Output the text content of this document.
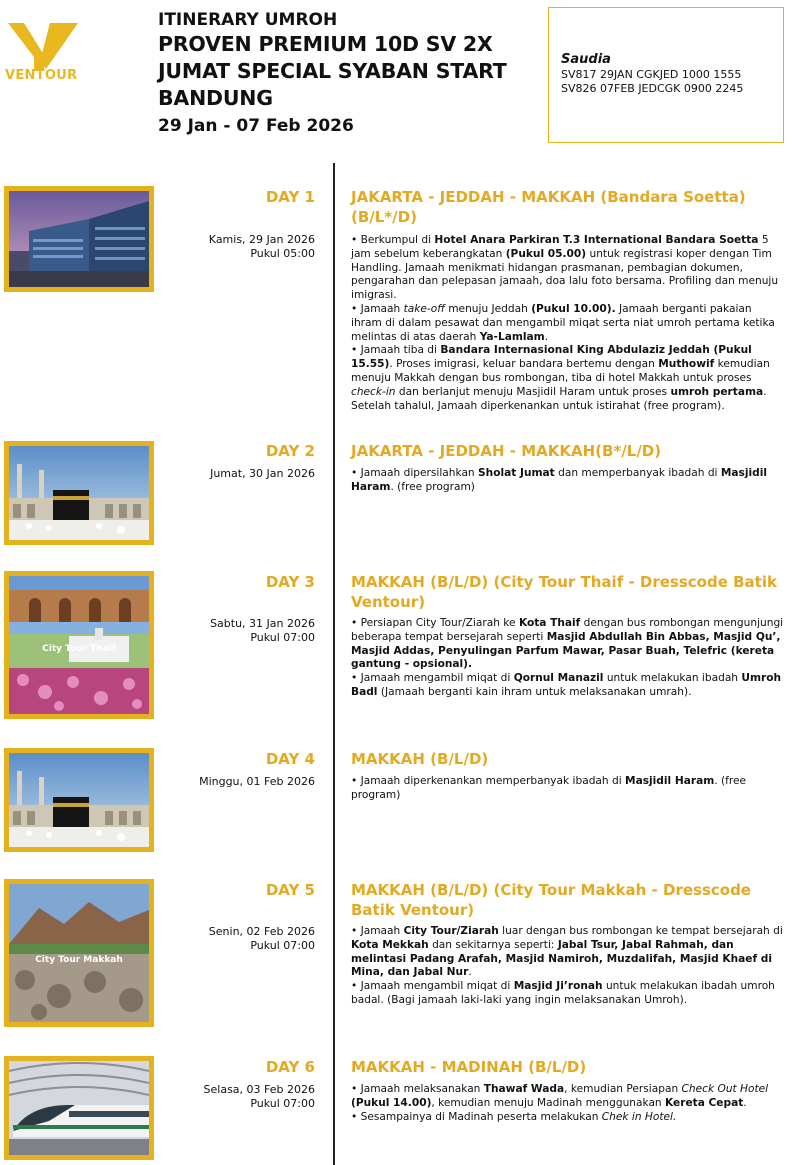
VENTOUR
ITINERARY UMROH
PROVEN PREMIUM 10D SV 2X
JUMAT SPECIAL SYABAN START
BANDUNG
29 Jan - 07 Feb 2026
Saudia
SV817 29JAN CGKJED 1000 1555
SV826 07FEB JEDCGK 0900 2245
DAY 1
Kamis, 29 Jan 2026
Pukul 05:00
JAKARTA - JEDDAH - MAKKAH (Bandara Soetta) (B/L*/D)

• Berkumpul di Hotel Anara Parkiran T.3 International Bandara Soetta 5 jam sebelum keberangkatan (Pukul 05.00) untuk registrasi koper dengan Tim Handling. Jamaah menikmati hidangan prasmanan, pembagian dokumen, pengarahan dan pelepasan jamaah, doa lalu foto bersama. Profiling dan menuju imigrasi.

• Jamaah take-off menuju Jeddah (Pukul 10.00). Jamaah berganti pakaian ihram di dalam pesawat dan mengambil miqat serta niat umroh pertama ketika melintas di atas daerah Ya-Lamlam.

• Jamaah tiba di Bandara Internasional King Abdulaziz Jeddah (Pukul 15.55). Proses imigrasi, keluar bandara bertemu dengan Muthowif kemudian menuju Makkah dengan bus rombongan, tiba di hotel Makkah untuk proses check-in dan berlanjut menuju Masjidil Haram untuk proses umroh pertama. Setelah tahalul, Jamaah diperkenankan untuk istirahat (free program).

DAY 2
Jumat, 30 Jan 2026
JAKARTA - JEDDAH - MAKKAH(B*/L/D)

• Jamaah dipersilahkan Sholat Jumat dan memperbanyak ibadah di Masjidil Haram. (free program)

City Tour Thaif
DAY 3
Sabtu, 31 Jan 2026
Pukul 07:00
MAKKAH (B/L/D) (City Tour Thaif - Dresscode Batik Ventour)

• Persiapan City Tour/Ziarah ke Kota Thaif dengan bus rombongan mengunjungi beberapa tempat bersejarah seperti Masjid Abdullah Bin Abbas, Masjid Qu’, Masjid Addas, Penyulingan Parfum Mawar, Pasar Buah, Telefric (kereta gantung - opsional).

• Jamaah mengambil miqat di Qornul Manazil untuk melakukan ibadah Umroh Badl (Jamaah berganti kain ihram untuk melaksanakan umrah).

DAY 4
Minggu, 01 Feb 2026
MAKKAH (B/L/D)

• Jamaah diperkenankan memperbanyak ibadah di Masjidil Haram. (free program)

City Tour Makkah
DAY 5
Senin, 02 Feb 2026
Pukul 07:00
MAKKAH (B/L/D) (City Tour Makkah - Dresscode Batik Ventour)

• Jamaah City Tour/Ziarah luar dengan bus rombongan ke tempat bersejarah di Kota Mekkah dan sekitarnya seperti: Jabal Tsur, Jabal Rahmah, dan melintasi Padang Arafah, Masjid Namiroh, Muzdalifah, Masjid Khaef di Mina, dan Jabal Nur.

• Jamaah mengambil miqat di Masjid Ji’ronah untuk melakukan ibadah umroh badal. (Bagi jamaah laki-laki yang ingin melaksanakan Umroh).

DAY 6
Selasa, 03 Feb 2026
Pukul 07:00
MAKKAH - MADINAH (B/L/D)

• Jamaah melaksanakan Thawaf Wada, kemudian Persiapan Check Out Hotel (Pukul 14.00), kemudian menuju Madinah menggunakan Kereta Cepat.

• Sesampainya di Madinah peserta melakukan Chek in Hotel.
